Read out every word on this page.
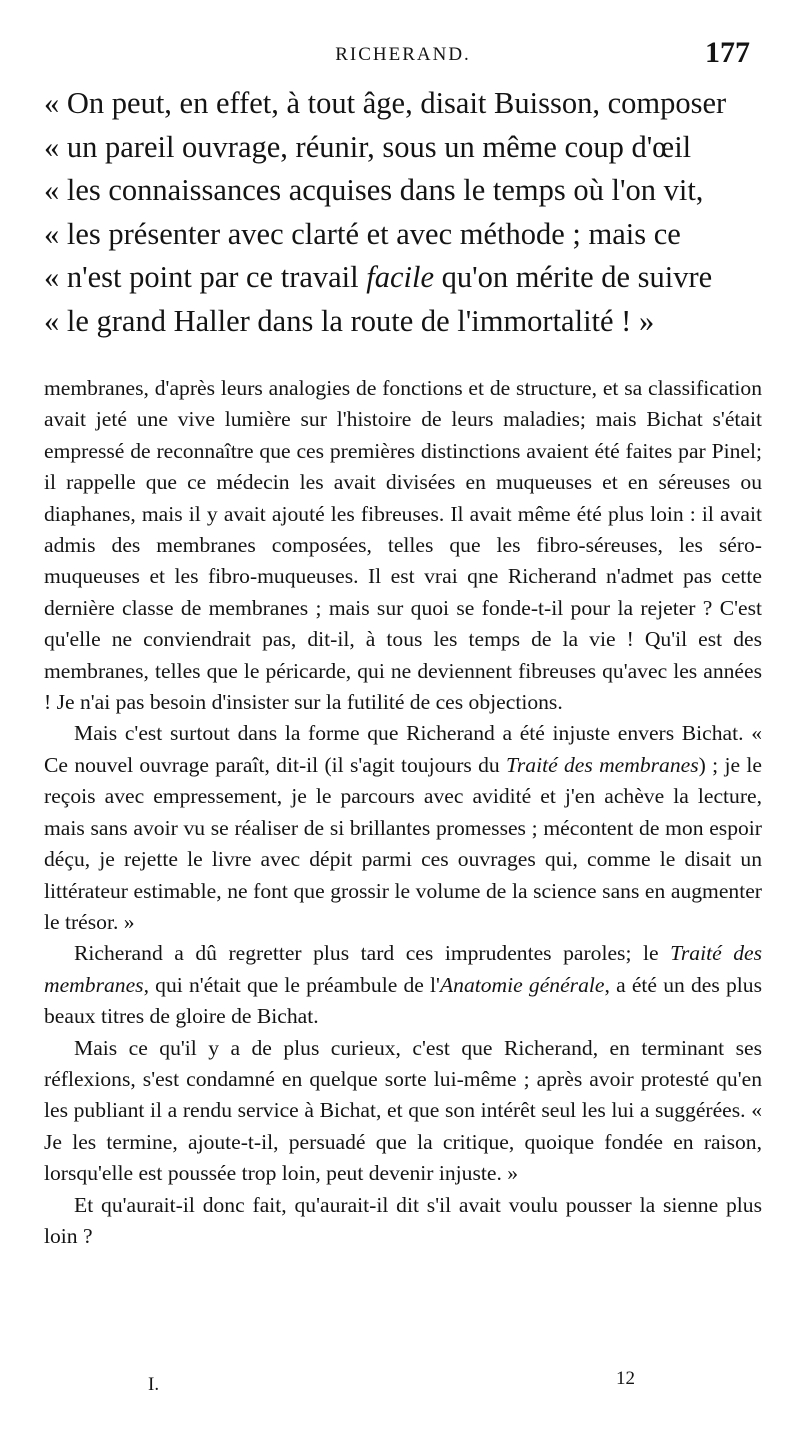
RICHERAND.	177
« On peut, en effet, à tout âge, disait Buisson, composer
« un pareil ouvrage, réunir, sous un même coup d'œil
« les connaissances acquises dans le temps où l'on vit,
« les présenter avec clarté et avec méthode ; mais ce
« n'est point par ce travail facile qu'on mérite de suivre
« le grand Haller dans la route de l'immortalité ! »

membranes, d'après leurs analogies de fonctions et de structure, et sa classification avait jeté une vive lumière sur l'histoire de leurs maladies; mais Bichat s'était empressé de reconnaître que ces premières distinctions avaient été faites par Pinel; il rappelle que ce médecin les avait divisées en muqueuses et en séreuses ou diaphanes, mais il y avait ajouté les fibreuses. Il avait même été plus loin : il avait admis des membranes composées, telles que les fibro-séreuses, les séro-muqueuses et les fibro-muqueuses. Il est vrai qne Richerand n'admet pas cette dernière classe de membranes ; mais sur quoi se fonde-t-il pour la rejeter ? C'est qu'elle ne conviendrait pas, dit-il, à tous les temps de la vie ! Qu'il est des membranes, telles que le péricarde, qui ne deviennent fibreuses qu'avec les années ! Je n'ai pas besoin d'insister sur la futilité de ces objections.

Mais c'est surtout dans la forme que Richerand a été injuste envers Bichat. « Ce nouvel ouvrage paraît, dit-il (il s'agit toujours du Traité des membranes) ; je le reçois avec empressement, je le parcours avec avidité et j'en achève la lecture, mais sans avoir vu se réaliser de si brillantes promesses ; mécontent de mon espoir déçu, je rejette le livre avec dépit parmi ces ouvrages qui, comme le disait un littérateur estimable, ne font que grossir le volume de la science sans en augmenter le trésor. »

Richerand a dû regretter plus tard ces imprudentes paroles; le Traité des membranes, qui n'était que le préambule de l'Anatomie générale, a été un des plus beaux titres de gloire de Bichat.

Mais ce qu'il y a de plus curieux, c'est que Richerand, en terminant ses réflexions, s'est condamné en quelque sorte lui-même ; après avoir protesté qu'en les publiant il a rendu service à Bichat, et que son intérêt seul les lui a suggérées. « Je les termine, ajoute-t-il, persuadé que la critique, quoique fondée en raison, lorsqu'elle est poussée trop loin, peut devenir injuste. »

Et qu'aurait-il donc fait, qu'aurait-il dit s'il avait voulu pousser la sienne plus loin ?

I.	12
